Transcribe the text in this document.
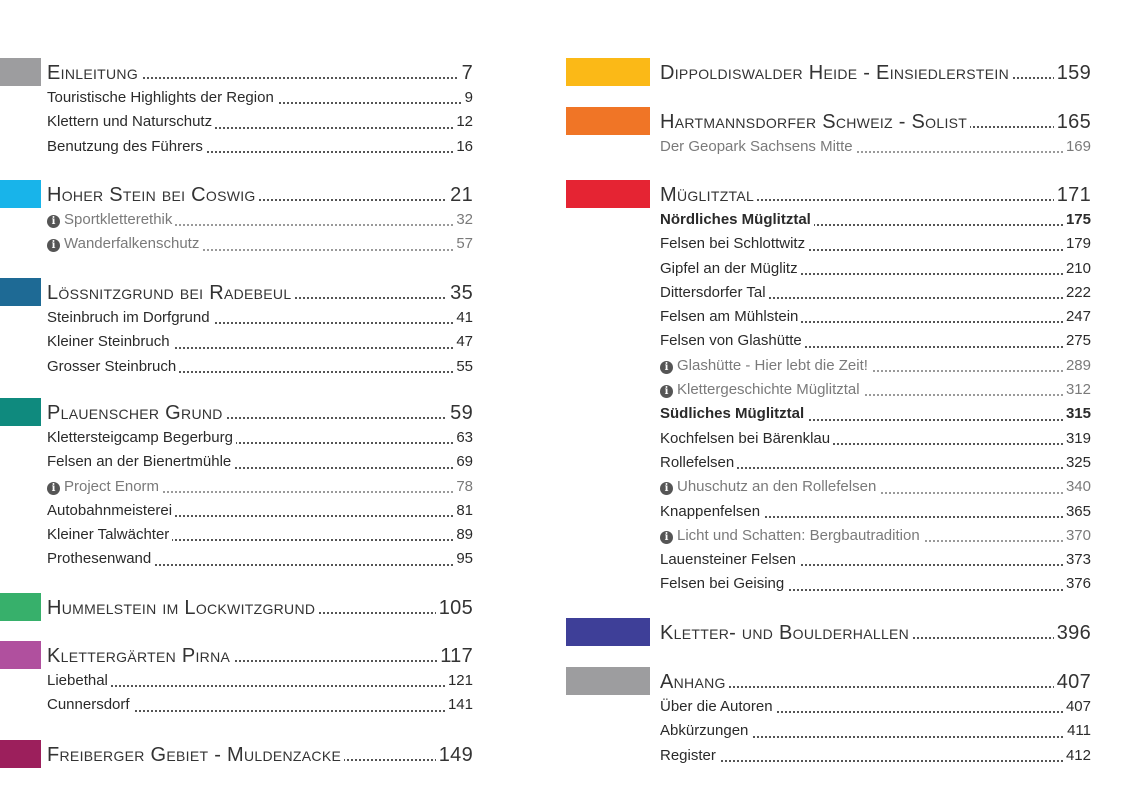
Einleitung	7
Touristische Highlights der Region	9
Klettern und Naturschutz	12
Benutzung des Führers	16
Hoher Stein bei Coswig	21
i Sportkletterethik	32
i Wanderfalkenschutz	57
Lössnitzgrund bei Radebeul	35
Steinbruch im Dorfgrund	41
Kleiner Steinbruch	47
Grosser Steinbruch	55
Plauenscher Grund	59
Klettersteigcamp Begerburg	63
Felsen an der Bienertmühle	69
i Project Enorm	78
Autobahnmeisterei	81
Kleiner Talwächter	89
Prothesenwand	95
Hummelstein im Lockwitzgrund	105
Klettergärten Pirna	117
Liebethal	121
Cunnersdorf	141
Freiberger Gebiet - Muldenzacke	149
Dippoldiswalder Heide - Einsiedlerstein 159
Hartmannsdorfer Schweiz - Solist	165
Der Geopark Sachsens Mitte	169
Müglitztal	171
Nördliches Müglitztal	175
Felsen bei Schlottwitz	179
Gipfel an der Müglitz	210
Dittersdorfer Tal	222
Felsen am Mühlstein	247
Felsen von Glashütte	275
i Glashütte - Hier lebt die Zeit!	289
i Klettergeschichte Müglitztal	312
Südliches Müglitztal	315
Kochfelsen bei Bärenklau	319
Rollefelsen	325
i Uhuschutz an den Rollefelsen	340
Knappenfelsen	365
i Licht und Schatten: Bergbautradition	370
Lauensteiner Felsen	373
Felsen bei Geising	376
Kletter- und Boulderhallen	396
Anhang	407
Über die Autoren	407
Abkürzungen	411
Register	412
